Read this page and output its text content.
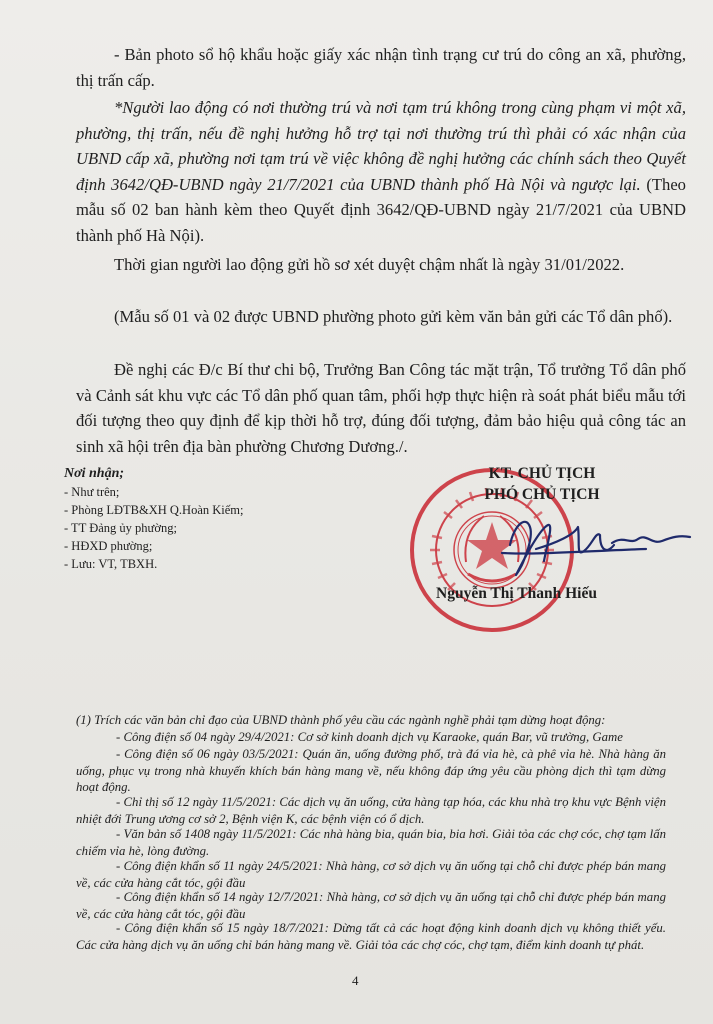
- Bản photo sổ hộ khẩu hoặc giấy xác nhận tình trạng cư trú do công an xã, phường, thị trấn cấp.

*Người lao động có nơi thường trú và nơi tạm trú không trong cùng phạm vi một xã, phường, thị trấn, nếu đề nghị hưởng hỗ trợ tại nơi thường trú thì phải có xác nhận của UBND cấp xã, phường nơi tạm trú về việc không đề nghị hưởng các chính sách theo Quyết định 3642/QĐ-UBND ngày 21/7/2021 của UBND thành phố Hà Nội và ngược lại. (Theo mẫu số 02 ban hành kèm theo Quyết định 3642/QĐ-UBND ngày 21/7/2021 của UBND thành phố Hà Nội).

Thời gian người lao động gửi hồ sơ xét duyệt chậm nhất là ngày 31/01/2022.

(Mẫu số 01 và 02 được UBND phường photo gửi kèm văn bản gửi các Tổ dân phố).

Đề nghị các Đ/c Bí thư chi bộ, Trưởng Ban Công tác mặt trận, Tổ trưởng Tổ dân phố và Cảnh sát khu vực các Tổ dân phố quan tâm, phối hợp thực hiện rà soát phát biểu mẫu tới đối tượng theo quy định để kịp thời hỗ trợ, đúng đối tượng, đảm bảo hiệu quả công tác an sinh xã hội trên địa bàn phường Chương Dương./.

Nơi nhận;
- Như trên;
- Phòng LĐTB&XH Q.Hoàn Kiếm;
- TT Đảng ủy phường;
- HĐXD phường;
- Lưu: VT, TBXH.
KT. CHỦ TỊCH
PHÓ CHỦ TỊCH
Nguyễn Thị Thanh Hiếu

(1) Trích các văn bản chỉ đạo của UBND thành phố yêu cầu các ngành nghề phải tạm dừng hoạt động:

- Công điện số 04 ngày 29/4/2021: Cơ sở kinh doanh dịch vụ Karaoke, quán Bar, vũ trường, Game

- Công điện số 06 ngày 03/5/2021: Quán ăn, uống đường phố, trà đá vỉa hè, cà phê vỉa hè. Nhà hàng ăn uống, phục vụ trong nhà khuyến khích bán hàng mang về, nếu không đáp ứng yêu cầu phòng dịch thì tạm dừng hoạt động.

- Chỉ thị số 12 ngày 11/5/2021: Các dịch vụ ăn uống, cửa hàng tạp hóa, các khu nhà trọ khu vực Bệnh viện nhiệt đới Trung ương cơ sở 2, Bệnh viện K, các bệnh viện có ổ dịch.

- Văn bản số 1408 ngày 11/5/2021: Các nhà hàng bia, quán bia, bia hơi. Giải tỏa các chợ cóc, chợ tạm lấn chiếm vỉa hè, lòng đường.

- Công điện khẩn số 11 ngày 24/5/2021: Nhà hàng, cơ sở dịch vụ ăn uống tại chỗ chỉ được phép bán mang về, các cửa hàng cắt tóc, gội đầu

- Công điện khẩn số 14 ngày 12/7/2021: Nhà hàng, cơ sở dịch vụ ăn uống tại chỗ chỉ được phép bán mang về, các cửa hàng cắt tóc, gội đầu

- Công điện khẩn số 15 ngày 18/7/2021: Dừng tất cả các hoạt động kinh doanh dịch vụ không thiết yếu. Các cửa hàng dịch vụ ăn uống chỉ bán hàng mang về. Giải tỏa các chợ cóc, chợ tạm, điểm kinh doanh tự phát.

4
